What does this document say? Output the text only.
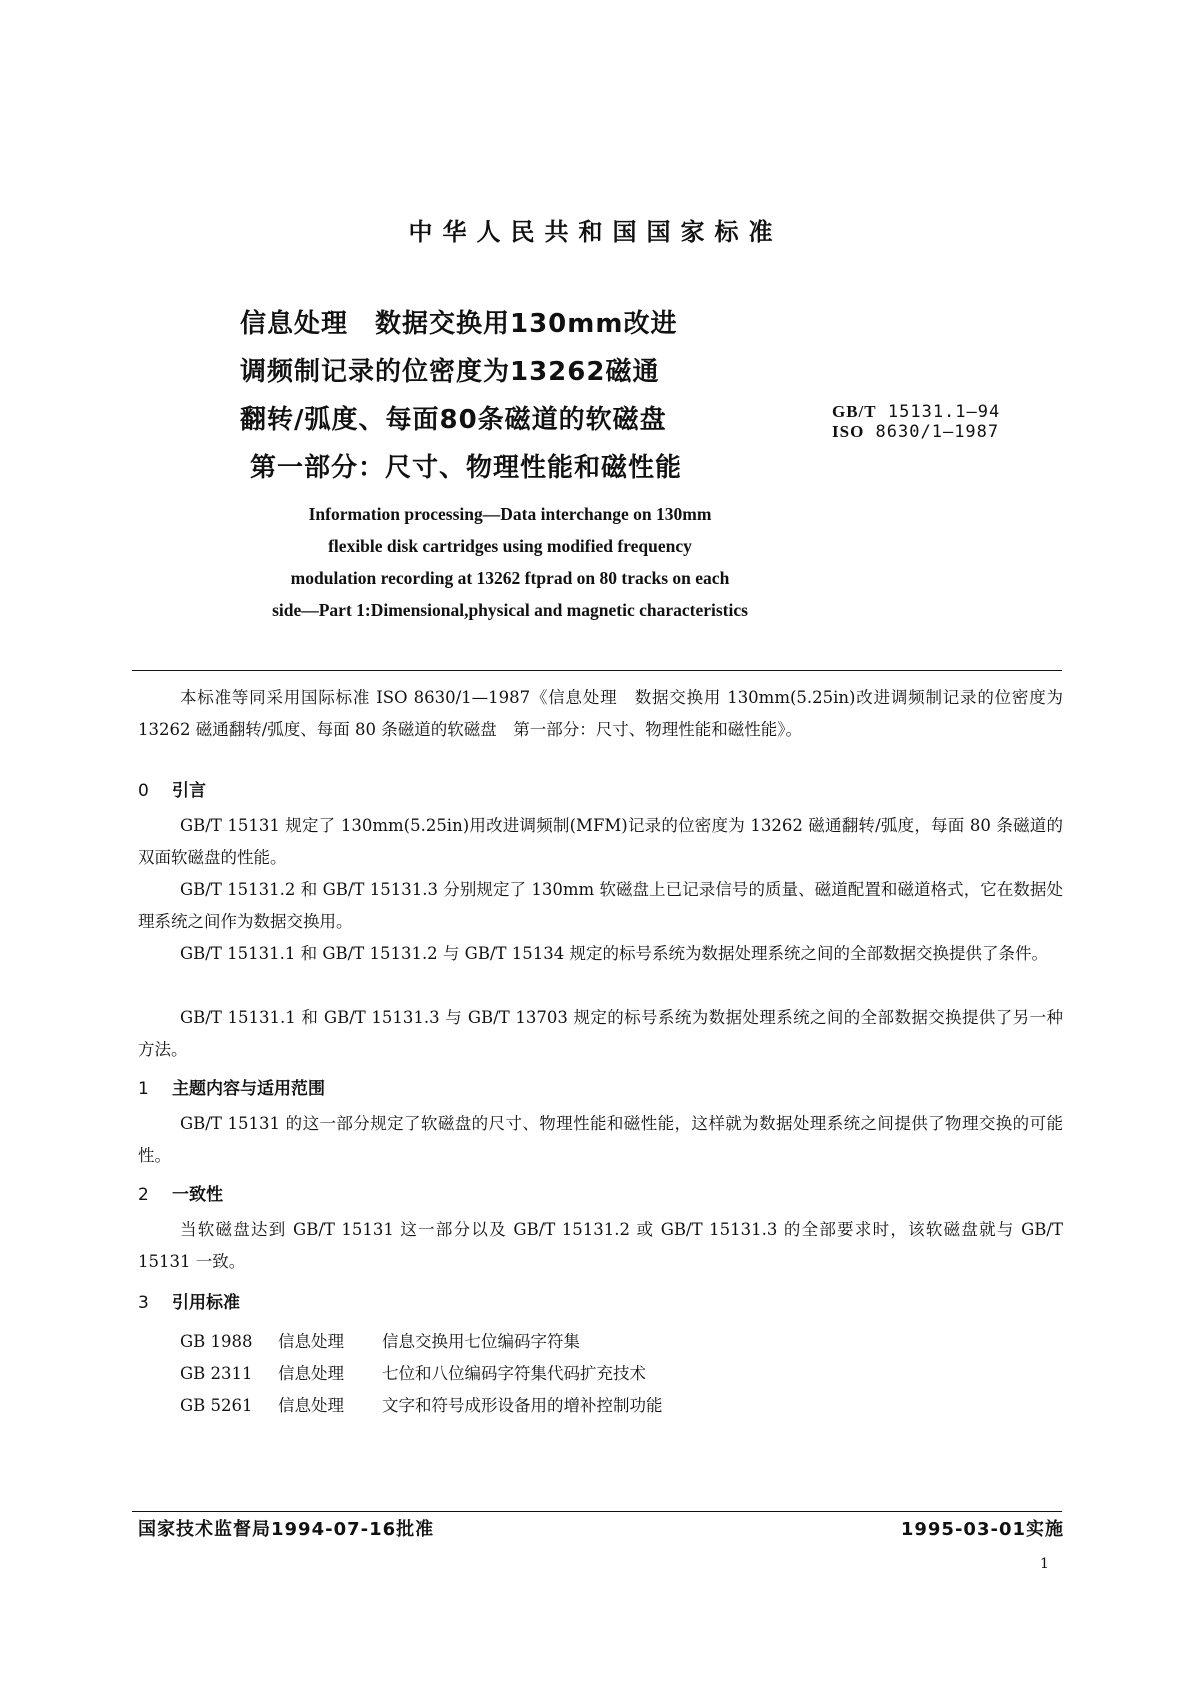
中华人民共和国国家标准
信息处理　数据交换用130mm改进
调频制记录的位密度为13262磁通
翻转/弧度、每面80条磁道的软磁盘
第一部分：尺寸、物理性能和磁性能
GB/T 15131.1—94
ISO 8630/1—1987
Information processing—Data interchange on 130mm
flexible disk cartridges using modified frequency
modulation recording at 13262 ftprad on 80 tracks on each
side—Part 1:Dimensional,physical and magnetic characteristics
本标准等同采用国际标准 ISO 8630/1—1987《信息处理　数据交换用 130mm(5.25in)改进调频制记录的位密度为 13262 磁通翻转/弧度、每面 80 条磁道的软磁盘　第一部分：尺寸、物理性能和磁性能》。
0 引言
GB/T 15131 规定了 130mm(5.25in)用改进调频制(MFM)记录的位密度为 13262 磁通翻转/弧度，每面 80 条磁道的双面软磁盘的性能。
GB/T 15131.2 和 GB/T 15131.3 分别规定了 130mm 软磁盘上已记录信号的质量、磁道配置和磁道格式，它在数据处理系统之间作为数据交换用。
GB/T 15131.1 和 GB/T 15131.2 与 GB/T 15134 规定的标号系统为数据处理系统之间的全部数据交换提供了条件。
GB/T 15131.1 和 GB/T 15131.3 与 GB/T 13703 规定的标号系统为数据处理系统之间的全部数据交换提供了另一种方法。
1 主题内容与适用范围
GB/T 15131 的这一部分规定了软磁盘的尺寸、物理性能和磁性能，这样就为数据处理系统之间提供了物理交换的可能性。
2 一致性
当软磁盘达到 GB/T 15131 这一部分以及 GB/T 15131.2 或 GB/T 15131.3 的全部要求时，该软磁盘就与 GB/T 15131 一致。
3 引用标准
GB 1988 信息处理 信息交换用七位编码字符集
GB 2311 信息处理 七位和八位编码字符集代码扩充技术
GB 5261 信息处理 文字和符号成形设备用的增补控制功能
国家技术监督局1994-07-16批准	1995-03-01实施
1
